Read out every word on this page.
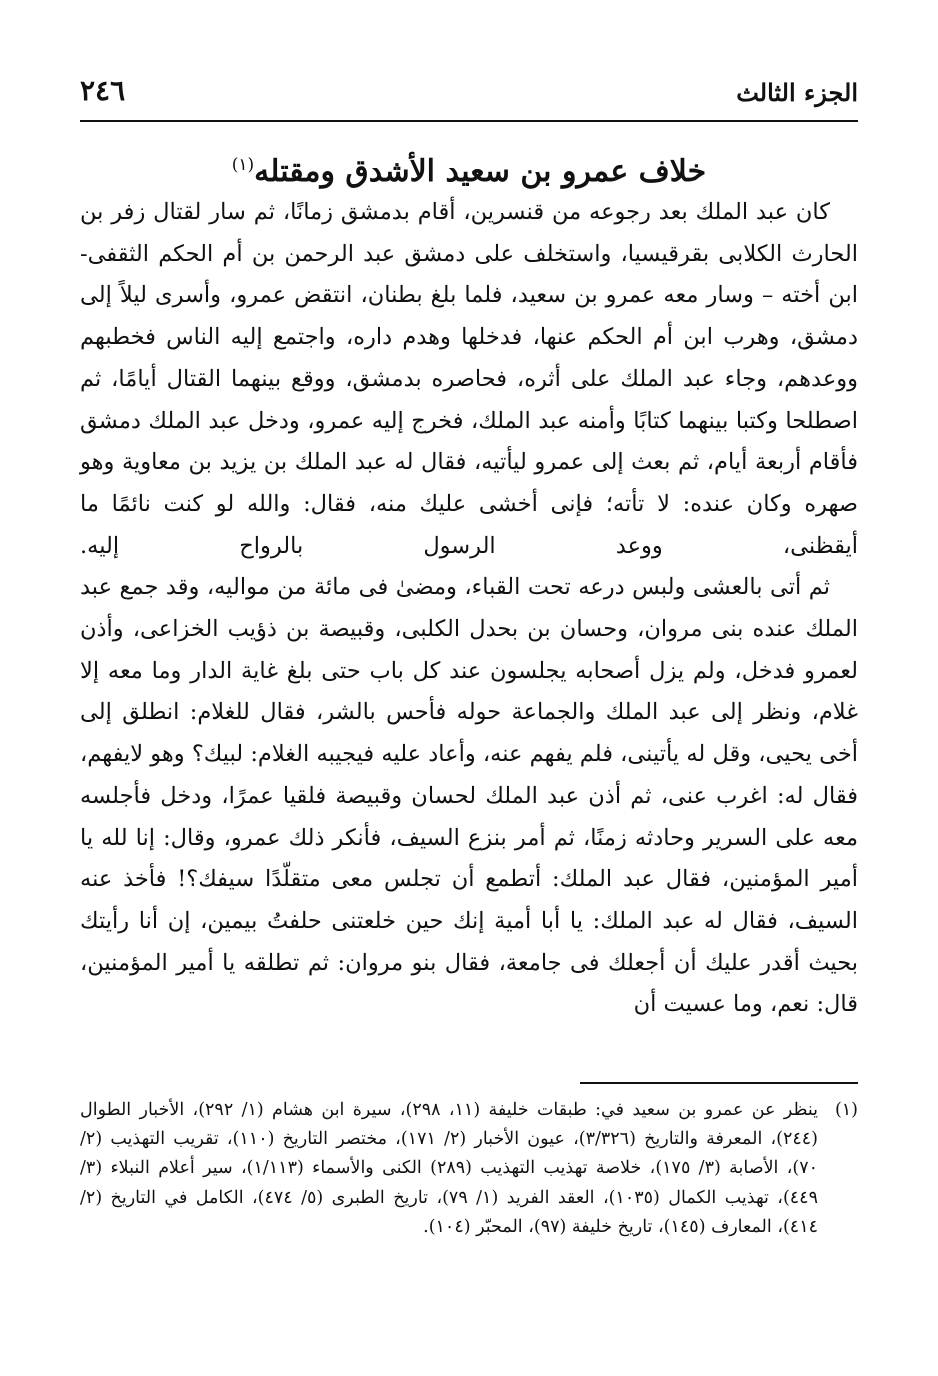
٢٤٦	الجزء الثالث
خلاف عمرو بن سعيد الأشدق ومقتله$^{(١)}$

كان عبد الملك بعد رجوعه من قنسرين، أقام بدمشق زمانًا، ثم سار لقتال زفر بن الحارث الكلابى بقرقيسيا، واستخلف على دمشق عبد الرحمن بن أم الحكم الثقفى- ابن أخته – وسار معه عمرو بن سعيد، فلما بلغ بطنان، انتقض عمرو، وأسرى ليلاً إلى دمشق، وهرب ابن أم الحكم عنها، فدخلها وهدم داره، واجتمع إليه الناس فخطبهم ووعدهم، وجاء عبد الملك على أثره، فحاصره بدمشق، ووقع بينهما القتال أيامًا، ثم اصطلحا وكتبا بينهما كتابًا وأمنه عبد الملك، فخرج إليه عمرو، ودخل عبد الملك دمشق فأقام أربعة أيام، ثم بعث إلى عمرو ليأتيه، فقال له عبد الملك بن يزيد بن معاوية وهو صهره وكان عنده: لا تأته؛ فإنى أخشى عليك منه، فقال: والله لو كنت نائمًا ما أيقظنى، ووعد الرسول بالرواح إليه.

ثم أتى بالعشى ولبس درعه تحت القباء، ومضىٰ فى مائة من مواليه، وقد جمع عبد الملك عنده بنى مروان، وحسان بن بحدل الكلبى، وقبيصة بن ذؤيب الخزاعى، وأذن لعمرو فدخل، ولم يزل أصحابه يجلسون عند كل باب حتى بلغ غاية الدار وما معه إلا غلام، ونظر إلى عبد الملك والجماعة حوله فأحس بالشر، فقال للغلام: انطلق إلى أخى يحيى، وقل له يأتينى، فلم يفهم عنه، وأعاد عليه فيجيبه الغلام: لبيك؟ وهو لايفهم، فقال له: اغرب عنى، ثم أذن عبد الملك لحسان وقبيصة فلقيا عمرًا، ودخل فأجلسه معه على السرير وحادثه زمنًا، ثم أمر بنزع السيف، فأنكر ذلك عمرو، وقال: إنا لله يا أمير المؤمنين، فقال عبد الملك: أتطمع أن تجلس معى متقلّدًا سيفك؟! فأخذ عنه السيف، فقال له عبد الملك: يا أبا أمية إنك حين خلعتنى حلفتُ بيمين، إن أنا رأيتك بحيث أقدر عليك أن أجعلك فى جامعة، فقال بنو مروان: ثم تطلقه يا أمير المؤمنين، قال: نعم، وما عسيت أن

(١)
ينظر عن عمرو بن سعيد في: طبقات خليفة (١١، ٢٩٨)، سيرة ابن هشام (١/ ٢٩٢)، الأخبار الطوال (٢٤٤)، المعرفة والتاريخ (٣/٣٢٦)، عيون الأخبار (٢/ ١٧١)، مختصر التاريخ (١١٠)، تقريب التهذيب (٢/ ٧٠)، الأصابة (٣/ ١٧٥)، خلاصة تهذيب التهذيب (٢٨٩) الكنى والأسماء (١/١١٣)، سير أعلام النبلاء (٣/ ٤٤٩)، تهذيب الكمال (١٠٣٥)، العقد الفريد (١/ ٧٩)، تاريخ الطبرى (٥/ ٤٧٤)، الكامل في التاريخ (٢/ ٤١٤)، المعارف (١٤٥)، تاريخ خليفة (٩٧)، المحبّر (١٠٤).
